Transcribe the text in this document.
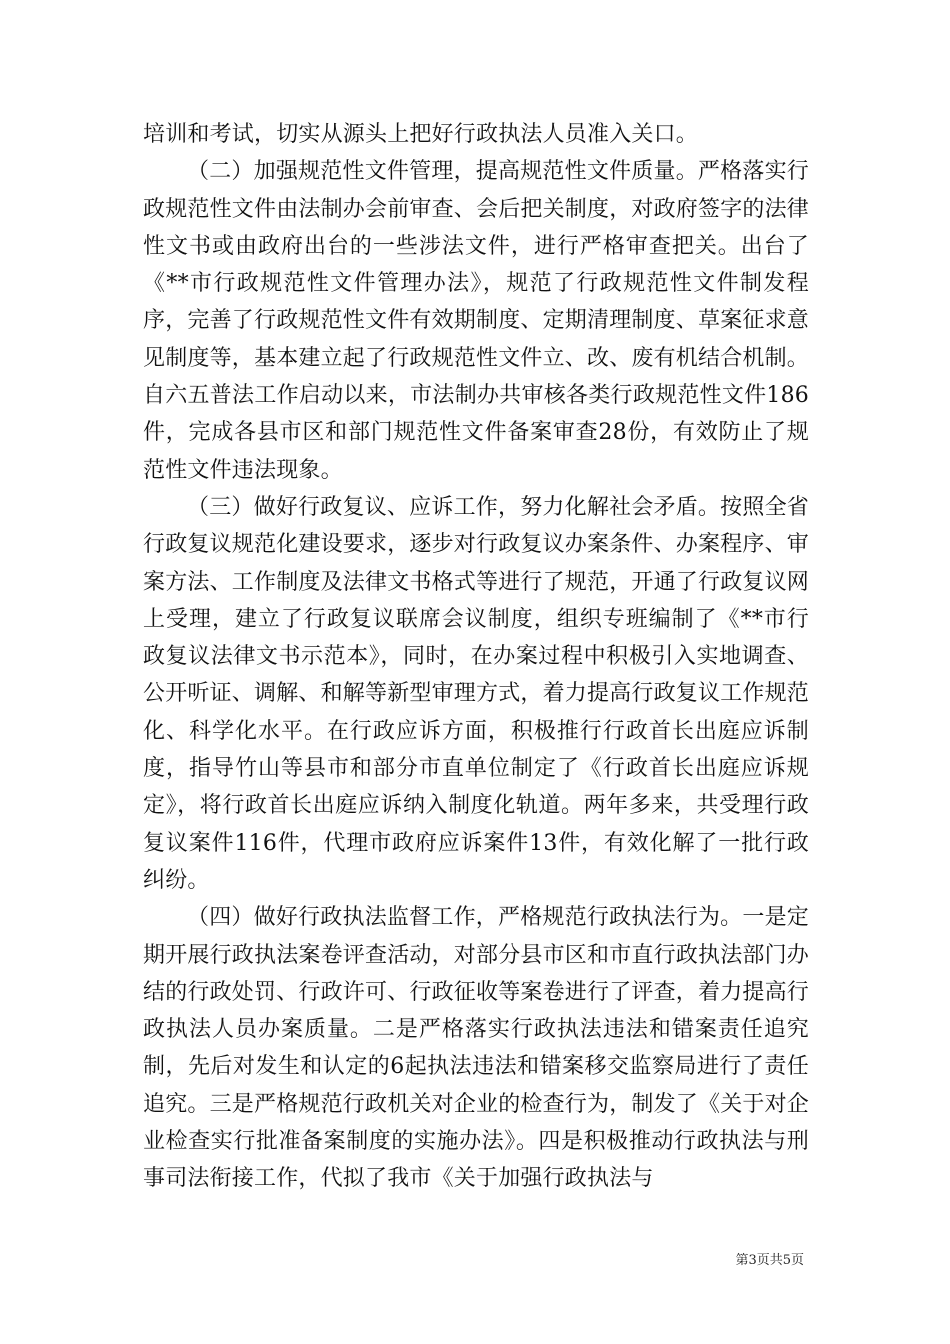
培训和考试，切实从源头上把好行政执法人员准入关口。

（二）加强规范性文件管理，提高规范性文件质量。严格落实行政规范性文件由法制办会前审查、会后把关制度，对政府签字的法律性文书或由政府出台的一些涉法文件，进行严格审查把关。出台了《**市行政规范性文件管理办法》，规范了行政规范性文件制发程序，完善了行政规范性文件有效期制度、定期清理制度、草案征求意见制度等，基本建立起了行政规范性文件立、改、废有机结合机制。自六五普法工作启动以来，市法制办共审核各类行政规范性文件186件，完成各县市区和部门规范性文件备案审查28份，有效防止了规范性文件违法现象。

（三）做好行政复议、应诉工作，努力化解社会矛盾。按照全省行政复议规范化建设要求，逐步对行政复议办案条件、办案程序、审案方法、工作制度及法律文书格式等进行了规范，开通了行政复议网上受理，建立了行政复议联席会议制度，组织专班编制了《**市行政复议法律文书示范本》，同时，在办案过程中积极引入实地调查、公开听证、调解、和解等新型审理方式，着力提高行政复议工作规范化、科学化水平。在行政应诉方面，积极推行行政首长出庭应诉制度，指导竹山等县市和部分市直单位制定了《行政首长出庭应诉规定》，将行政首长出庭应诉纳入制度化轨道。两年多来，共受理行政复议案件116件，代理市政府应诉案件13件，有效化解了一批行政纠纷。

（四）做好行政执法监督工作，严格规范行政执法行为。一是定期开展行政执法案卷评查活动，对部分县市区和市直行政执法部门办结的行政处罚、行政许可、行政征收等案卷进行了评查，着力提高行政执法人员办案质量。二是严格落实行政执法违法和错案责任追究制，先后对发生和认定的6起执法违法和错案移交监察局进行了责任追究。三是严格规范行政机关对企业的检查行为，制发了《关于对企业检查实行批准备案制度的实施办法》。四是积极推动行政执法与刑事司法衔接工作，代拟了我市《关于加强行政执法与

第3页共5页
